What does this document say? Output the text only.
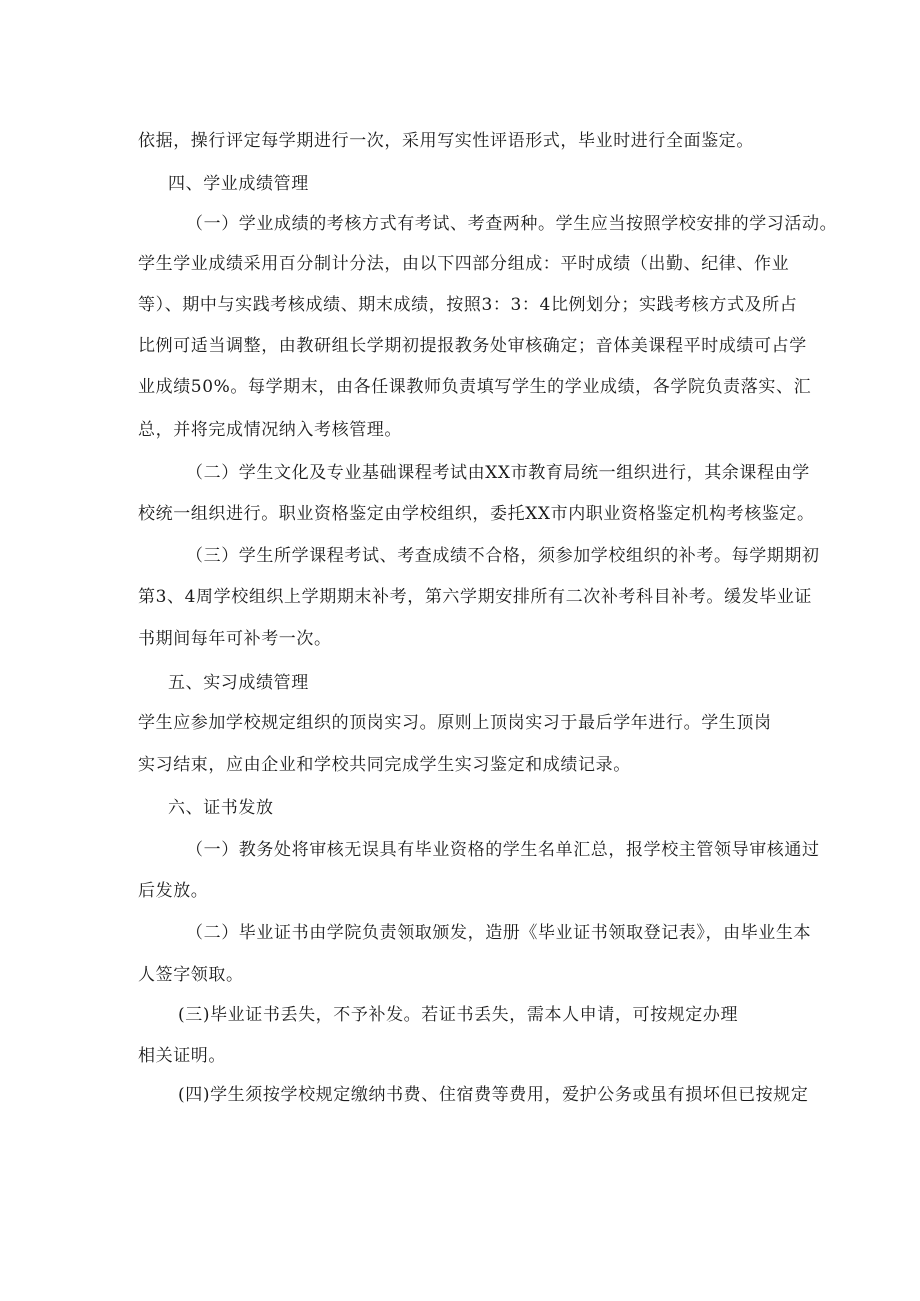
依据，操行评定每学期进行一次，采用写实性评语形式，毕业时进行全面鉴定。
四、学业成绩管理
（一）学业成绩的考核方式有考试、考查两种。学生应当按照学校安排的学习活动。
学生学业成绩采用百分制计分法，由以下四部分组成：平时成绩（出勤、纪律、作业
等）、期中与实践考核成绩、期末成绩，按照3：3：4比例划分；实践考核方式及所占
比例可适当调整，由教研组长学期初提报教务处审核确定；音体美课程平时成绩可占学
业成绩50%。每学期末，由各任课教师负责填写学生的学业成绩，各学院负责落实、汇
总，并将完成情况纳入考核管理。
（二）学生文化及专业基础课程考试由XX市教育局统一组织进行，其余课程由学
校统一组织进行。职业资格鉴定由学校组织，委托XX市内职业资格鉴定机构考核鉴定。
（三）学生所学课程考试、考查成绩不合格，须参加学校组织的补考。每学期期初
第3、4周学校组织上学期期末补考，第六学期安排所有二次补考科目补考。缓发毕业证
书期间每年可补考一次。
五、实习成绩管理
学生应参加学校规定组织的顶岗实习。原则上顶岗实习于最后学年进行。学生顶岗
实习结束，应由企业和学校共同完成学生实习鉴定和成绩记录。
六、证书发放
（一）教务处将审核无误具有毕业资格的学生名单汇总，报学校主管领导审核通过
后发放。
（二）毕业证书由学院负责领取颁发，造册《毕业证书领取登记表》，由毕业生本
人签字领取。
(三)毕业证书丢失，不予补发。若证书丢失，需本人申请，可按规定办理
相关证明。
(四)学生须按学校规定缴纳书费、住宿费等费用，爱护公务或虽有损坏但已按规定
